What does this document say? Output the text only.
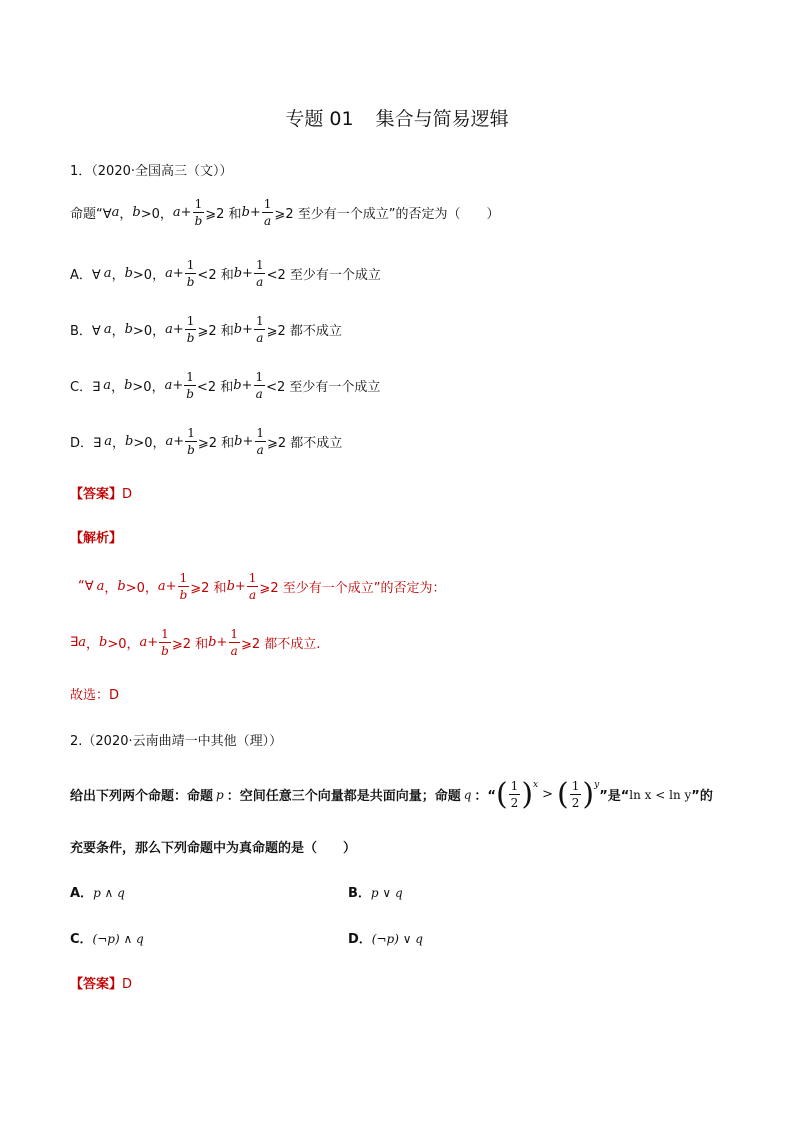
专题 01 集合与简易逻辑
1．（2020·全国高三（文））
命题“∀ a ， b >0， $a+ \frac{1}{b}$ ⩾2 和 $b+ \frac{1}{a}$ ⩾2 至少有一个成立”的否定为（　　）
A．∀ a ， b >0， $a+ \frac{1}{b} <2$ 和 $b+ \frac{1}{a} <2$ 至少有一个成立
B．∀ a ， b >0， $a+ \frac{1}{b}$ ⩾2 和 $b+ \frac{1}{a}$ ⩾2 都不成立
C．∃ a ， b >0， $a+ \frac{1}{b} <2$ 和 $b+ \frac{1}{a} <2$ 至少有一个成立
D．∃ a ， b >0， $a+ \frac{1}{b}$ ⩾2 和 $b+ \frac{1}{a}$ ⩾2 都不成立
【答案】D
【解析】
“∀ a ， b >0， $a+ \frac{1}{b}$ ⩾2 和 $b+ \frac{1}{a}$ ⩾2 至少有一个成立”的否定为：
∃ a ， b >0， $a+ \frac{1}{b}$ ⩾2 和 $b+ \frac{1}{a}$ ⩾2 都不成立.
故选：D
2.（2020·云南曲靖一中其他（理））
给出下列两个命题：命题 p ：空间任意三个向量都是共面向量；命题 q ：“ ( $\frac{1}{2} )^x$
> ( $\frac{1}{2} )^y$
”是“ ln x < ln y ”的
充要条件，那么下列命题中为真命题的是（　　）
A．p ∧ q	B．p ∨ q
C．(¬p) ∧ q	D．(¬p) ∨ q
【答案】D
